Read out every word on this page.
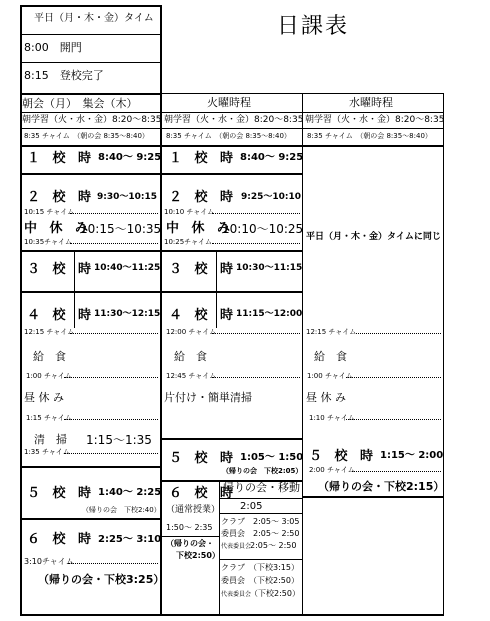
日課表
平日（月・木・金）タイム
8:00　開門
8:15　登校完了
朝会（月）　集会（木）	火曜時程	水曜時程
朝学習（火・水・金）8:20～8:35 朝学習（火・水・金）8:20～8:35 朝学習（火・水・金）8:20～8:35
8:35 チャイム　（朝の会 8:35～8:40） 8:35 チャイム　（朝の会 8:35～8:40） 8:35 チャイム　（朝の会 8:35～8:40）
１ 校 時 8:40～ 9:25
２ 校 時 9:30～10:15
10:15 チャイム
中 休 み
10:15～10:35
10:35チャイム
３ 校 時
10:40～11:25
４ 校 時
11:30～12:15
12:15 チャイム
給　食
1:00 チャイム
昼 休 み
1:15 チャイム
清　掃 1:15～1:35
1:35 チャイム
５ 校 時 1:40～ 2:25
（帰りの会　下校2:40）
６ 校 時 2:25～ 3:10
3:10チャイム
（帰りの会・下校3:25）
１ 校 時 8:40～ 9:25
２ 校 時 9:25～10:10
10:10 チャイム
中 休 み
10:10～10:25
10:25チャイム
３ 校 時
10:30～11:15
４ 校 時
11:15～12:00
12:00 チャイム
給　食
12:45 チャイム
片付け・簡単清掃
５ 校 時 1:05～ 1:50
（帰りの会　下校2:05）
６ 校 時
（通常授業）
1:50～ 2:35
（帰りの会・
下校2:50）
帰りの会・移動
2:05
クラブ　2:05～ 3:05
委員会　2:05～ 2:50
代表委員会
2:05～ 2:50
クラブ　（下校3:15）
委員会　（下校2:50）
代表委員会
（下校2:50）
平日（月・木・金）タイムに同じ
12:15 チャイム
給　食
1:00 チャイム
昼 休 み
1:10 チャイム
５ 校 時 1:15～ 2:00
2:00 チャイム
（帰りの会・下校2:15）
